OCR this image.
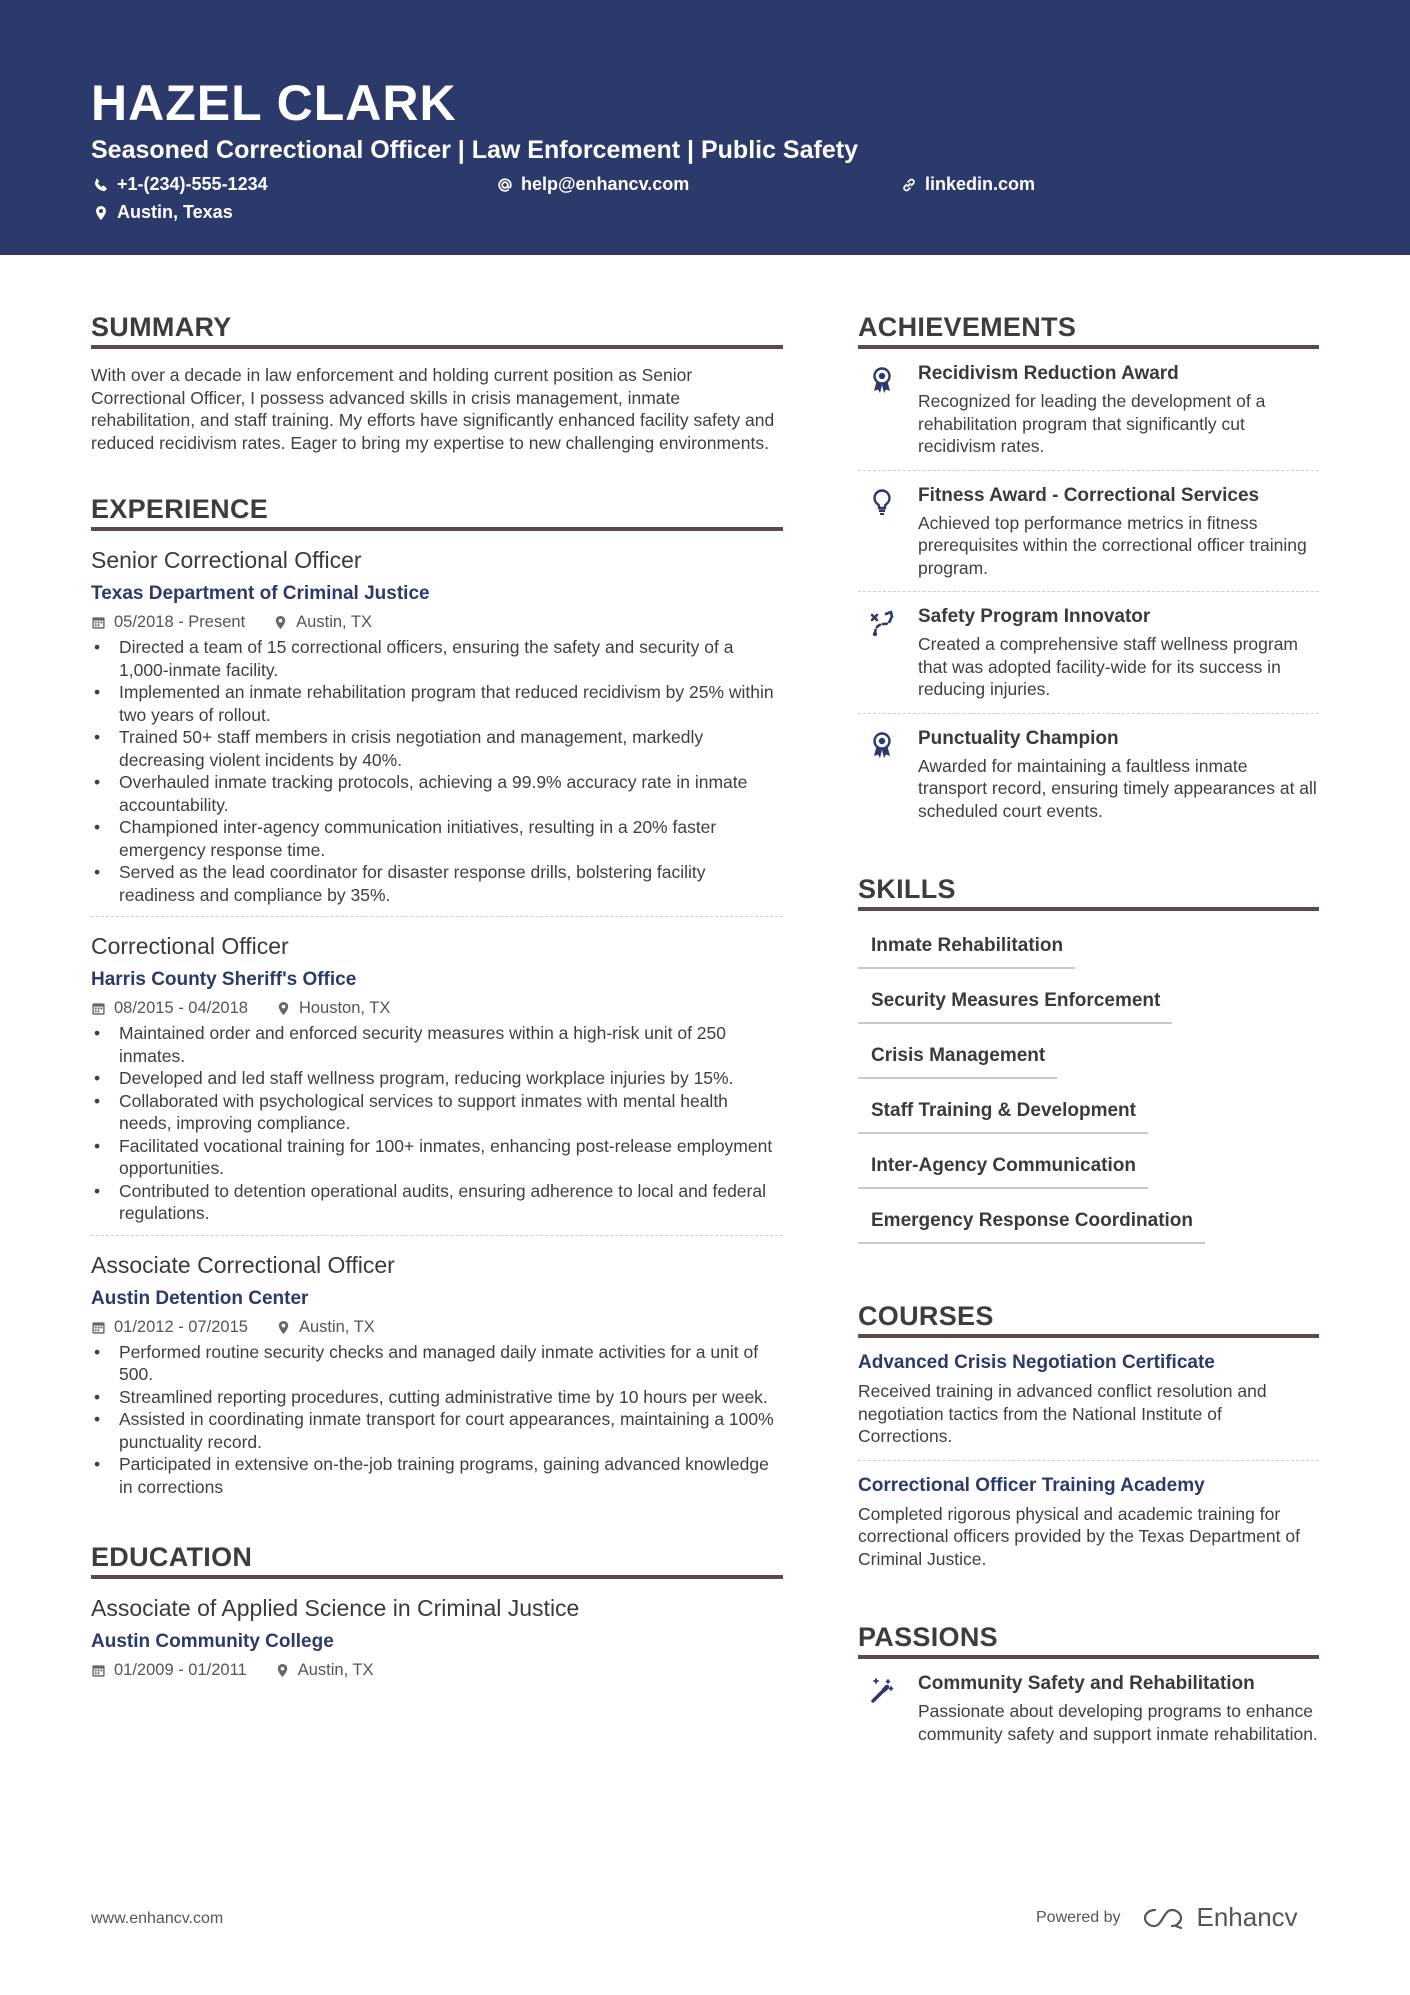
HAZEL CLARK
Seasoned Correctional Officer | Law Enforcement | Public Safety
+1-(234)-555-1234	help@enhancv.com	linkedin.com
Austin, Texas
SUMMARY
With over a decade in law enforcement and holding current position as Senior Correctional Officer, I possess advanced skills in crisis management, inmate rehabilitation, and staff training. My efforts have significantly enhanced facility safety and reduced recidivism rates. Eager to bring my expertise to new challenging environments.
EXPERIENCE
Senior Correctional Officer
Texas Department of Criminal Justice
05/2018 - Present	Austin, TX
• Directed a team of 15 correctional officers, ensuring the safety and security of a 1,000-inmate facility.
• Implemented an inmate rehabilitation program that reduced recidivism by 25% within two years of rollout.
• Trained 50+ staff members in crisis negotiation and management, markedly decreasing violent incidents by 40%.
• Overhauled inmate tracking protocols, achieving a 99.9% accuracy rate in inmate accountability.
• Championed inter-agency communication initiatives, resulting in a 20% faster emergency response time.
• Served as the lead coordinator for disaster response drills, bolstering facility readiness and compliance by 35%.
Correctional Officer
Harris County Sheriff's Office
08/2015 - 04/2018	Houston, TX
• Maintained order and enforced security measures within a high-risk unit of 250 inmates.
• Developed and led staff wellness program, reducing workplace injuries by 15%.
• Collaborated with psychological services to support inmates with mental health needs, improving compliance.
• Facilitated vocational training for 100+ inmates, enhancing post-release employment opportunities.
• Contributed to detention operational audits, ensuring adherence to local and federal regulations.
Associate Correctional Officer
Austin Detention Center
01/2012 - 07/2015	Austin, TX
• Performed routine security checks and managed daily inmate activities for a unit of 500.
• Streamlined reporting procedures, cutting administrative time by 10 hours per week.
• Assisted in coordinating inmate transport for court appearances, maintaining a 100% punctuality record.
• Participated in extensive on-the-job training programs, gaining advanced knowledge in corrections
EDUCATION
Associate of Applied Science in Criminal Justice
Austin Community College
01/2009 - 01/2011	Austin, TX
ACHIEVEMENTS
Recidivism Reduction Award
Recognized for leading the development of a rehabilitation program that significantly cut recidivism rates.
Fitness Award - Correctional Services
Achieved top performance metrics in fitness prerequisites within the correctional officer training program.
Safety Program Innovator
Created a comprehensive staff wellness program that was adopted facility-wide for its success in reducing injuries.
Punctuality Champion
Awarded for maintaining a faultless inmate transport record, ensuring timely appearances at all scheduled court events.
SKILLS
Inmate Rehabilitation
Security Measures Enforcement
Crisis Management
Staff Training & Development
Inter-Agency Communication
Emergency Response Coordination
COURSES
Advanced Crisis Negotiation Certificate
Received training in advanced conflict resolution and negotiation tactics from the National Institute of Corrections.
Correctional Officer Training Academy
Completed rigorous physical and academic training for correctional officers provided by the Texas Department of Criminal Justice.
PASSIONS
Community Safety and Rehabilitation
Passionate about developing programs to enhance community safety and support inmate rehabilitation.
www.enhancv.com	Powered by	Enhancv
